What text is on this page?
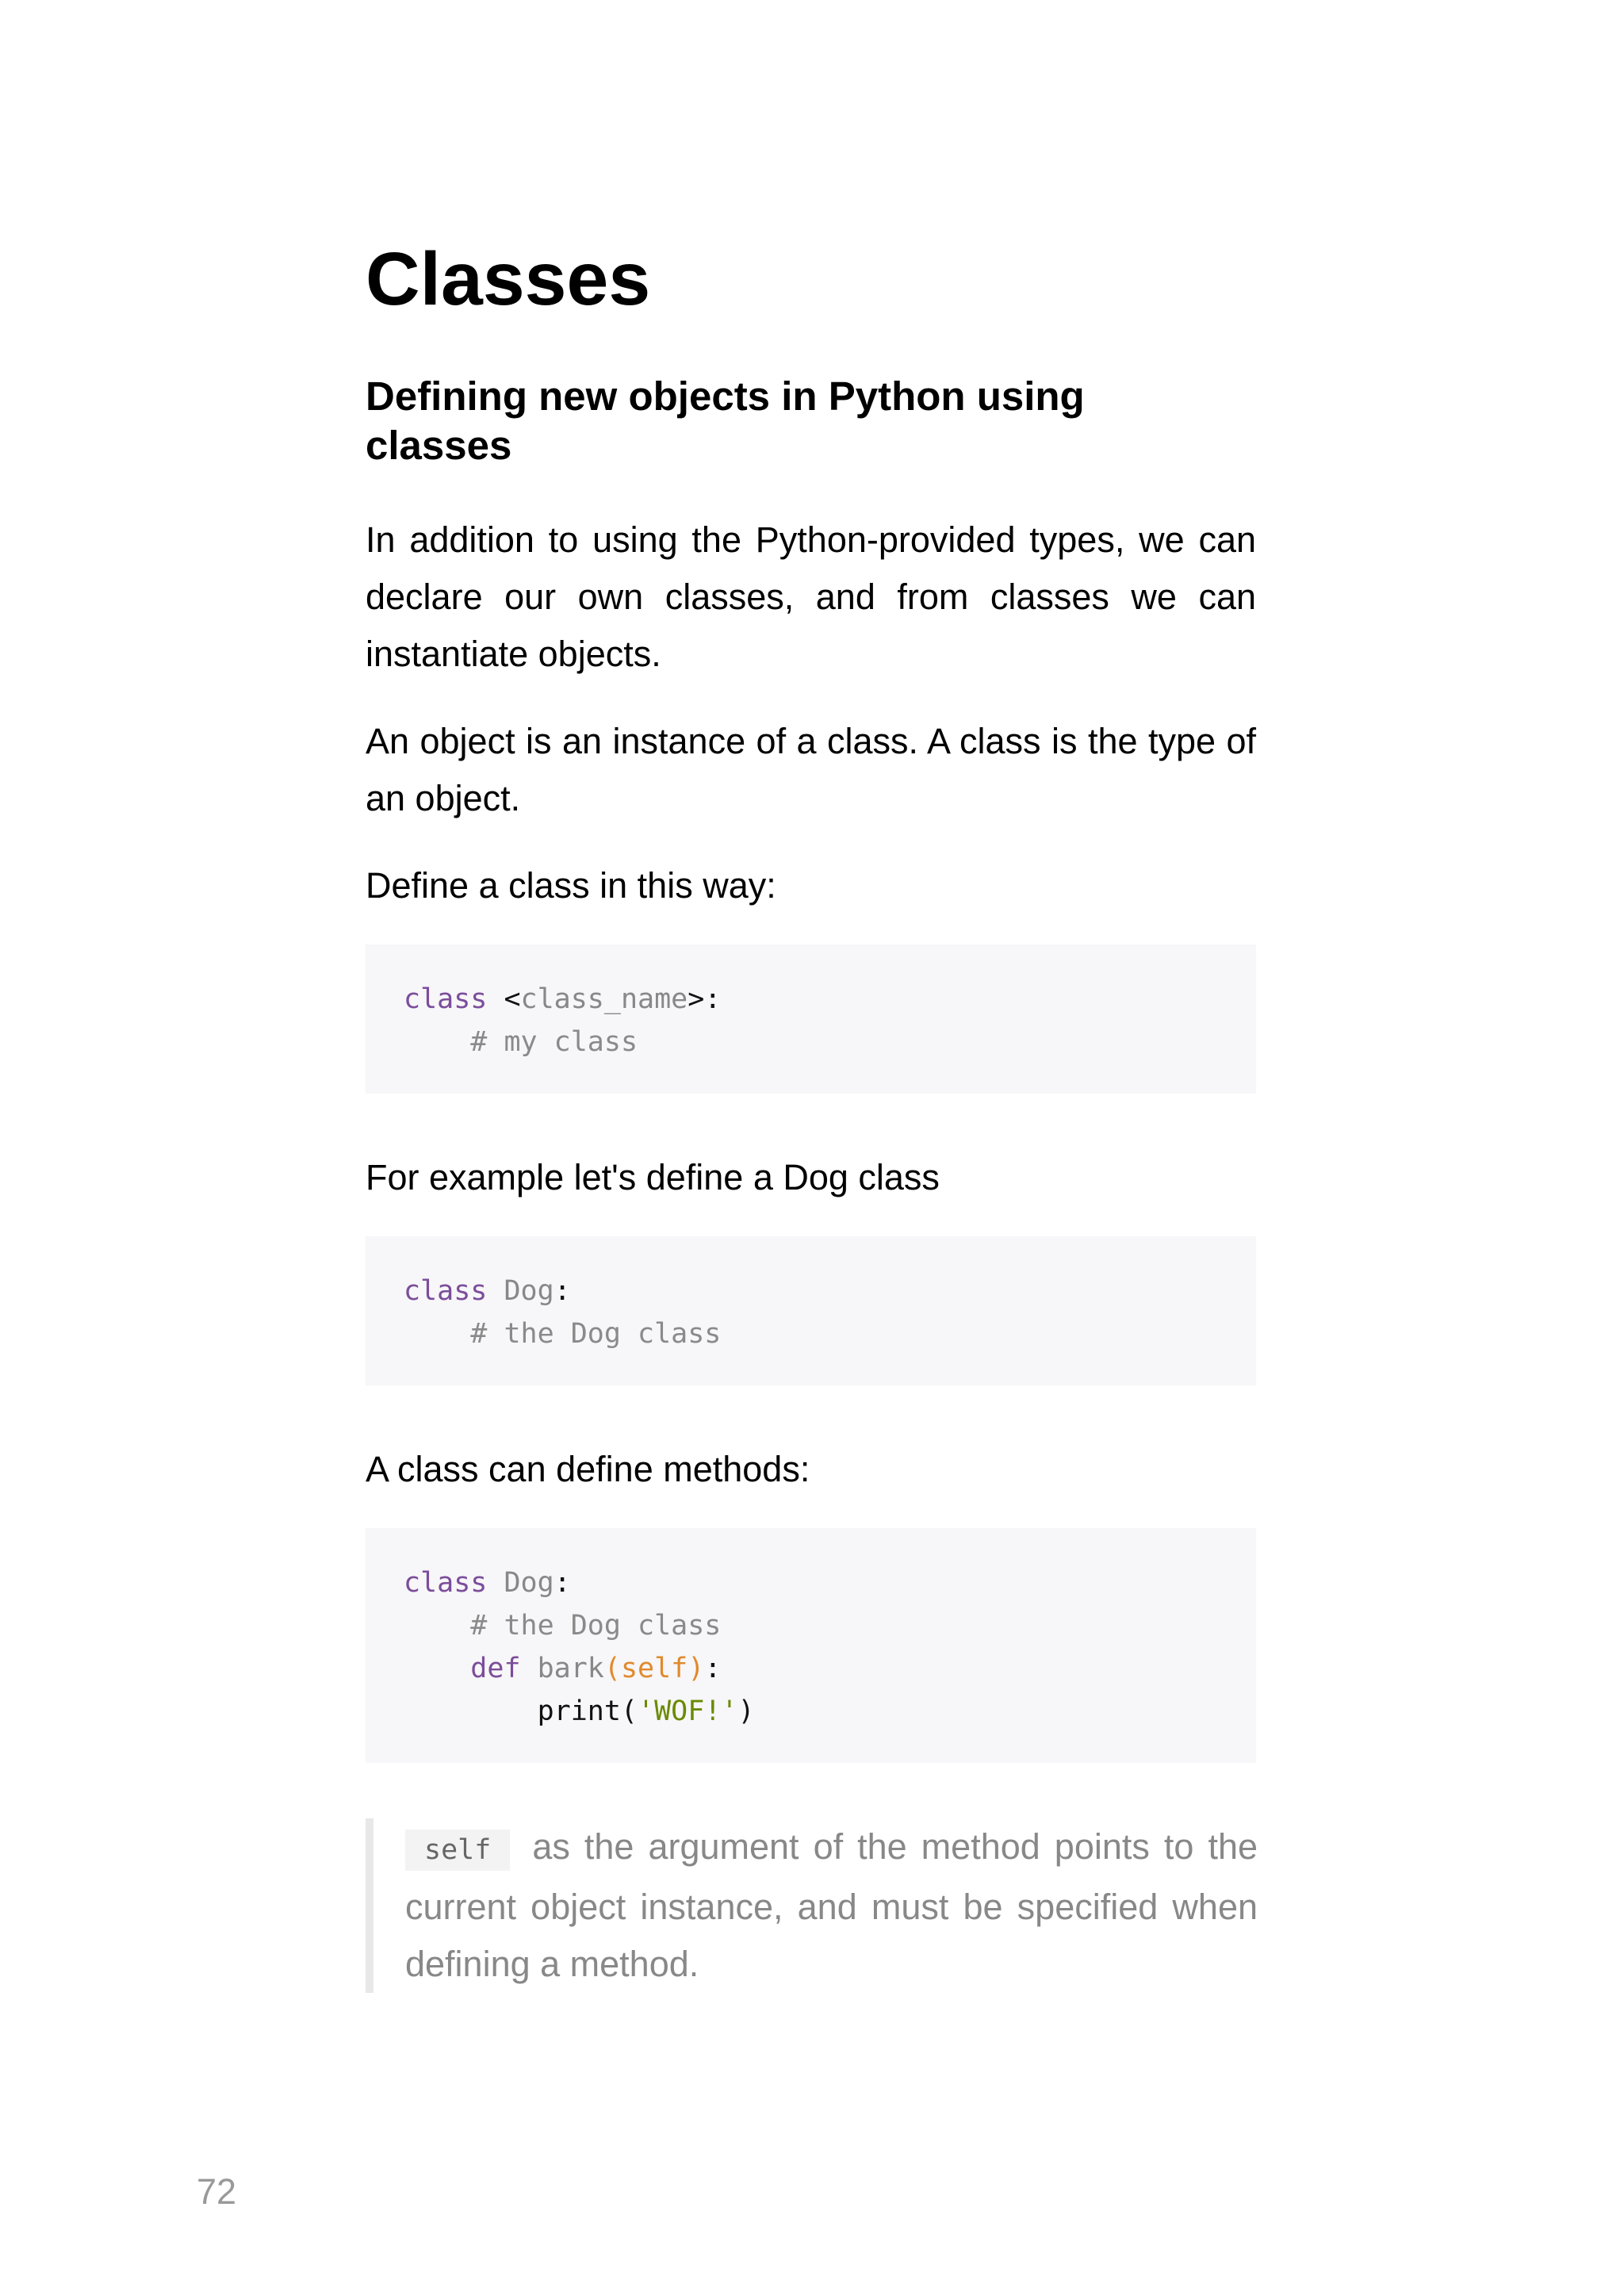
Classes
Defining new objects in Python using classes

In addition to using the Python-provided types, we can declare our own classes, and from classes we can instantiate objects.

An object is an instance of a class. A class is the type of an object.

Define a class in this way:

class <class_name>:
# my class

For example let's define a Dog class

class Dog:
# the Dog class

A class can define methods:

class Dog:
# the Dog class
def bark(self):
print('WOF!')
self as the argument of the method points to the current object instance, and must be specified when defining a method.
72
